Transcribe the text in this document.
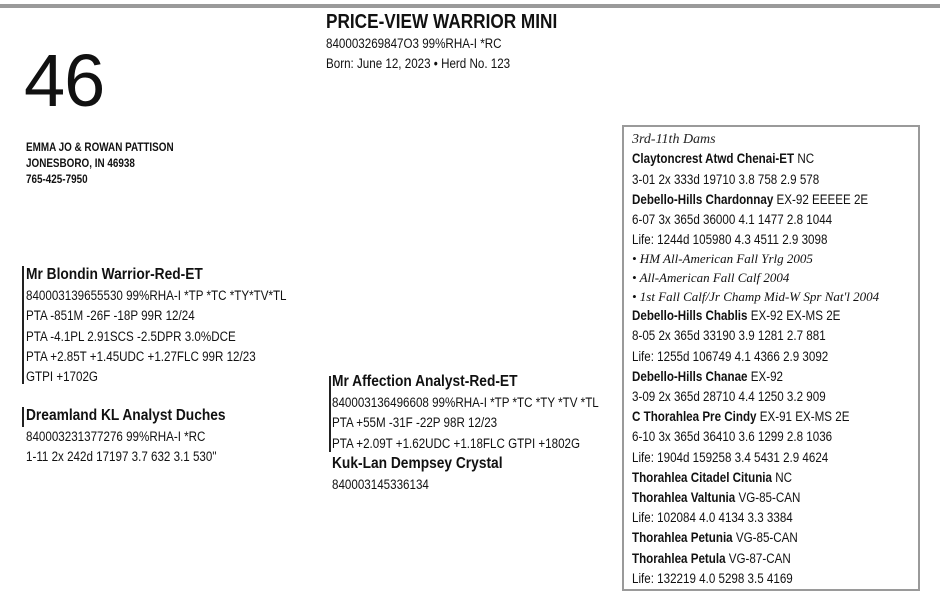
46
PRICE-VIEW WARRIOR MINI
840003269847O3 99%RHA-I *RC
Born: June 12, 2023 • Herd No. 123
EMMA JO & ROWAN PATTISON
JONESBORO, IN 46938
765-425-7950
Mr Blondin Warrior-Red-ET
840003139655530 99%RHA-I *TP *TC *TY*TV*TL
PTA -851M -26F -18P 99R 12/24
PTA -4.1PL 2.91SCS -2.5DPR 3.0%DCE
PTA +2.85T +1.45UDC +1.27FLC 99R 12/23
GTPI +1702G
Dreamland KL Analyst Duches
840003231377276 99%RHA-I *RC
1-11 2x 242d 17197 3.7 632 3.1 530"
Mr Affection Analyst-Red-ET
840003136496608 99%RHA-I *TP *TC *TY *TV *TL
PTA +55M -31F -22P 98R 12/23
PTA +2.09T +1.62UDC +1.18FLC GTPI +1802G
Kuk-Lan Dempsey Crystal
840003145336134
3rd-11th Dams
Claytoncrest Atwd Chenai-ET NC
3-01 2x 333d 19710 3.8 758 2.9 578
Debello-Hills Chardonnay EX-92 EEEEE 2E
6-07 3x 365d 36000 4.1 1477 2.8 1044
Life: 1244d 105980 4.3 4511 2.9 3098
• HM All-American Fall Yrlg 2005
• All-American Fall Calf 2004
• 1st Fall Calf/Jr Champ Mid-W Spr Nat'l 2004
Debello-Hills Chablis EX-92 EX-MS 2E
8-05 2x 365d 33190 3.9 1281 2.7 881
Life: 1255d 106749 4.1 4366 2.9 3092
Debello-Hills Chanae EX-92
3-09 2x 365d 28710 4.4 1250 3.2 909
C Thorahlea Pre Cindy EX-91 EX-MS 2E
6-10 3x 365d 36410 3.6 1299 2.8 1036
Life: 1904d 159258 3.4 5431 2.9 4624
Thorahlea Citadel Citunia NC
Thorahlea Valtunia VG-85-CAN
Life: 102084 4.0 4134 3.3 3384
Thorahlea Petunia VG-85-CAN
Thorahlea Petula VG-87-CAN
Life: 132219 4.0 5298 3.5 4169
